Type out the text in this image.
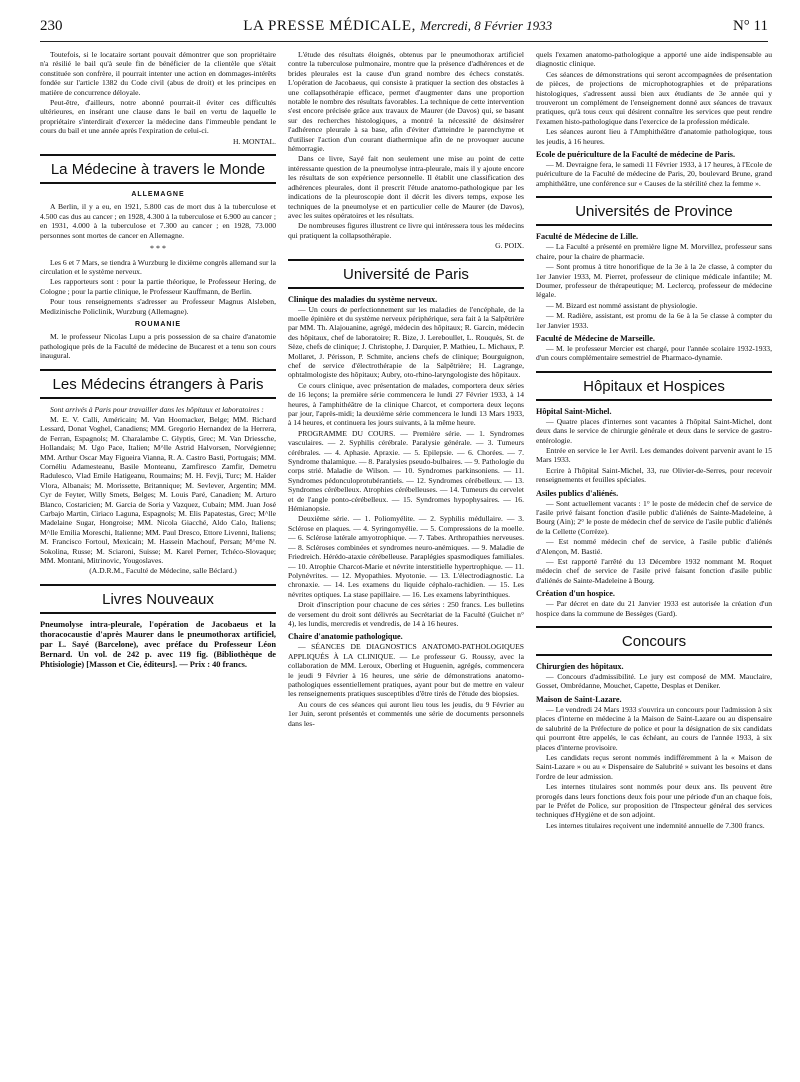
230	LA PRESSE MÉDICALE, Mercredi, 8 Février 1933	N° 11

Toutefois, si le locataire sortant pouvait démontrer que son propriétaire n'a résilié le bail qu'à seule fin de bénéficier de la clientèle que s'était constituée son confrère, il pourrait intenter une action en dommages-intérêts fondée sur l'article 1382 du Code civil (abus de droit) et les principes en matière de concurrence déloyale.

Peut-être, d'ailleurs, notre abonné pourrait-il éviter ces difficultés ultérieures, en insérant une clause dans le bail en vertu de laquelle le propriétaire s'interdirait d'exercer la médecine dans l'immeuble pendant le cours du bail et une année après l'expiration de celui-ci.

H. MONTAL.

La Médecine à travers le Monde
ALLEMAGNE

A Berlin, il y a eu, en 1921, 5.800 cas de mort dus à la tuberculose et 4.500 cas dus au cancer ; en 1928, 4.300 à la tuberculose et 6.900 au cancer ; en 1931, 4.000 à la tuberculose et 7.300 au cancer ; en 1928, 73.000 personnes sont mortes de cancer en Allemagne.

* * *

Les 6 et 7 Mars, se tiendra à Wurzburg le dixième congrès allemand sur la circulation et le système nerveux.

Les rapporteurs sont : pour la partie théorique, le Professeur Hering, de Cologne ; pour la partie clinique, le Professeur Kauffmann, de Berlin.

Pour tous renseignements s'adresser au Professeur Magnus Alsleben, Medizinische Policlinik, Wurzburg (Allemagne).

ROUMANIE

M. le professeur Nicolas Lupu a pris possession de sa chaire d'anatomie pathologique près de la Faculté de médecine de Bucarest et a tenu son cours inaugural.

Les Médecins étrangers à Paris

Sont arrivés à Paris pour travailler dans les hôpitaux et laboratoires :

M. E. V. Calli, Américain; M. Van Hoomacker, Belge; MM. Richard Lessard, Donat Voghel, Canadiens; MM. Gregorio Hernandez de la Herrera, de Ferran, Espagnols; M. Charalambe C. Glyptis, Grec; M. Van Driessche, Hollandais; M. Ugo Pace, Italien; M^lle Astrid Halvorsen, Norvégienne; MM. Arthur Oscar May Figueira Vianna, R. A. Castro Basti, Portugais; MM. Cornéliu Adamesteanu, Basile Monteanu, Zamfiresco Zamfir, Demetru Radulesco, Vlad Emile Hatigeanu, Roumains; M. H. Fevji, Turc; M. Haïder Vlora, Albanais; M. Morissette, Britannique; M. Sevlever, Argentin; MM. Cyr de Feyter, Willy Smets, Belges; M. Louis Paré, Canadien; M. Arturo Blanco, Costaricien; M. Garcia de Soria y Vazquez, Cubain; MM. Juan José Carbajo Martin, Ciriaco Laguna, Espagnols; M. Elis Papatestas, Grec; M^lle Madelaine Sugar, Hongroise; MM. Nicola Giacché, Aldo Calo, Italiens; M^lle Emilia Moreschi, Italienne; MM. Paul Dresco, Ettore Livenni, Italiens; M. Francisco Fortoul, Mexicain; M. Hassein Machouf, Persan; M^me N. Sokolina, Russe; M. Sciaroni, Suisse; M. Karel Perner, Tchéco-Slovaque; MM. Montani, Mitrinovic, Yougoslaves.

(A.D.R.M., Faculté de Médecine, salle Béclard.)

Livres Nouveaux

Pneumolyse intra-pleurale, l'opération de Jacobaeus et la thoracocaustie d'après Maurer dans le pneumothorax artificiel, par L. Sayé (Barcelone), avec préface du Professeur Léon Bernard. Un vol. de 242 p. avec 119 fig. (Bibliothèque de Phtisiologie) [Masson et Cie, éditeurs]. — Prix : 40 francs.

L'étude des résultats éloignés, obtenus par le pneumothorax artificiel contre la tuberculose pulmonaire, montre que la présence d'adhérences et de brides pleurales est la cause d'un grand nombre des échecs constatés. L'opération de Jacobaeus, qui consiste à pratiquer la section des obstacles à une collapsothérapie efficace, permet d'augmenter dans une proportion notable le nombre des résultats favorables. La technique de cette intervention s'est encore précisée grâce aux travaux de Maurer (de Davos) qui, se basant sur des recherches histologiques, a montré la nécessité de désinsérer l'adhérence pleurale à sa base, afin d'éviter d'atteindre le parenchyme et d'utiliser l'action d'un courant diathermique afin de ne provoquer aucune hémorragie.

Dans ce livre, Sayé fait non seulement une mise au point de cette intéressante question de la pneumolyse intra-pleurale, mais il y ajoute encore les résultats de son expérience personnelle. Il établit une classification des adhérences pleurales, dont il prescrit l'étude anatomo-pathologique par les indications de la pleuroscopie dont il décrit les divers temps, expose les techniques de la pneumolyse et en particulier celle de Maurer (de Davos), avec les suites opératoires et les résultats.

De nombreuses figures illustrent ce livre qui intéressera tous les médecins qui pratiquent la collapsothérapie.

G. POIX.

Université de Paris
Clinique des maladies du système nerveux.

— Un cours de perfectionnement sur les maladies de l'encéphale, de la moelle épinière et du système nerveux périphérique, sera fait à la Salpêtrière par MM. Th. Alajouanine, agrégé, médecin des hôpitaux; R. Garcin, médecin des hôpitaux, chef de laboratoire; R. Bize, J. Lereboullet, L. Rouquès, St. de Sèze, chefs de clinique; J. Christophe, J. Darquier, P. Mathieu, L. Michaux, P. Mollaret, J. Périsson, P. Schmite, anciens chefs de clinique; Bourguignon, chef de service d'électrothérapie de la Salpêtrière; H. Lagrange, ophtalmologiste des hôpitaux; Aubry, oto-rhino-laryngologiste des hôpitaux.

Ce cours clinique, avec présentation de malades, comportera deux séries de 16 leçons; la première série commencera le lundi 27 Février 1933, à 14 heures, à l'amphithéâtre de la clinique Charcot, et comportera deux leçons par jour, l'après-midi; la deuxième série commencera le lundi 13 Mars 1933, à 14 heures, et continuera les jours suivants, à la même heure.

PROGRAMME DU COURS. — Première série. — 1. Syndromes vasculaires. — 2. Syphilis cérébrale. Paralysie générale. — 3. Tumeurs cérébrales. — 4. Aphasie. Apraxie. — 5. Epilepsie. — 6. Chorées. — 7. Syndrome thalamique. — 8. Paralysies pseudo-bulbaires. — 9. Pathologie du corps strié. Maladie de Wilson. — 10. Syndromes parkinsoniens. — 11. Syndromes pédonculoprotubérantiels. — 12. Syndromes cérébelleux. — 13. Syndromes cérébelleux. Atrophies cérébelleuses. — 14. Tumeurs du cervelet et de l'angle ponto-cérébelleux. — 15. Syndromes hypophysaires. — 16. Hémianopsie.

Deuxième série. — 1. Poliomyélite. — 2. Syphilis médullaire. — 3. Sclérose en plaques. — 4. Syringomyélie. — 5. Compressions de la moelle. — 6. Sclérose latérale amyotrophique. — 7. Tabes. Arthropathies nerveuses. — 8. Scléroses combinées et syndromes neuro-anémiques. — 9. Maladie de Friedreich. Hérédo-ataxie cérébelleuse. Paraplégies spasmodiques familiales. — 10. Atrophie Charcot-Marie et névrite interstitielle hypertrophique. — 11. Polynévrites. — 12. Myopathies. Myotonie. — 13. L'électrodiagnostic. La chronaxie. — 14. Les examens du liquide céphalo-rachidien. — 15. Les névrites optiques. La stase papillaire. — 16. Les examens labyrinthiques.

Droit d'inscription pour chacune de ces séries : 250 francs. Les bulletins de versement du droit sont délivrés au Secrétariat de la Faculté (Guichet n° 4), les lundis, mercredis et vendredis, de 14 à 16 heures.

Chaire d'anatomie pathologique.

— SÉANCES DE DIAGNOSTICS ANATOMO-PATHOLOGIQUES APPLIQUÉS À LA CLINIQUE. — Le professeur G. Roussy, avec la collaboration de MM. Leroux, Oberling et Huguenin, agrégés, commencera le jeudi 9 Février à 16 heures, une série de démonstrations anatomo-pathologiques essentiellement pratiques, ayant pour but de mettre en valeur les renseignements pratiques susceptibles d'être tirés de l'étude des biopsies.

Au cours de ces séances qui auront lieu tous les jeudis, du 9 Février au 1er Juin, seront présentés et commentés une série de documents personnels dans les-

quels l'examen anatomo-pathologique a apporté une aide indispensable au diagnostic clinique.

Ces séances de démonstrations qui seront accompagnées de présentation de pièces, de projections de microphotographies et de préparations histologiques, s'adressent aussi bien aux étudiants de 3e année qui y trouveront un complément de l'enseignement donné aux séances de travaux pratiques, qu'à tous ceux qui désirent connaître les services que peut rendre l'examen histo-pathologique dans l'exercice de la profession médicale.

Les séances auront lieu à l'Amphithéâtre d'anatomie pathologique, tous les jeudis, à 16 heures.

Ecole de puériculture de la Faculté de médecine de Paris.

— M. Devraigne fera, le samedi 11 Février 1933, à 17 heures, à l'Ecole de puériculture de la Faculté de médecine de Paris, 20, boulevard Brune, grand amphithéâtre, une conférence sur « Causes de la stérilité chez la femme ».

Universités de Province
Faculté de Médecine de Lille.

— La Faculté a présenté en première ligne M. Morvillez, professeur sans chaire, pour la chaire de pharmacie.

— Sont promus à titre honorifique de la 3e à la 2e classe, à compter du 1er Janvier 1933, M. Pierret, professeur de clinique médicale infantile; M. Doumer, professeur de thérapeutique; M. Leclercq, professeur de médecine légale.

— M. Bizard est nommé assistant de physiologie.

— M. Radière, assistant, est promu de la 6e à la 5e classe à compter du 1er Janvier 1933.

Faculté de Médecine de Marseille.

— M. le professeur Mercier est chargé, pour l'année scolaire 1932-1933, d'un cours complémentaire semestriel de Pharmaco-dynamie.

Hôpitaux et Hospices
Hôpital Saint-Michel.

— Quatre places d'internes sont vacantes à l'hôpital Saint-Michel, dont deux dans le service de chirurgie générale et deux dans le service de gastro-entérologie.

Entrée en service le 1er Avril. Les demandes doivent parvenir avant le 15 Mars 1933.

Ecrire à l'hôpital Saint-Michel, 33, rue Olivier-de-Serres, pour recevoir renseignements et feuilles spéciales.

Asiles publics d'aliénés.

— Sont actuellement vacants : 1° le poste de médecin chef de service de l'asile privé faisant fonction d'asile public d'aliénés de Sainte-Madeleine, à Bourg (Ain); 2° le poste de médecin chef de service de l'asile public d'aliénés de la Cellette (Corrèze).

— Est nommé médecin chef de service, à l'asile public d'aliénés d'Alençon, M. Bastié.

— Est rapporté l'arrêté du 13 Décembre 1932 nommant M. Roquet médecin chef de service de l'asile privé faisant fonction d'asile public d'aliénés de Sainte-Madeleine à Bourg.

Création d'un hospice.

— Par décret en date du 21 Janvier 1933 est autorisée la création d'un hospice dans la commune de Bessèges (Gard).

Concours
Chirurgien des hôpitaux.

— Concours d'admissibilité. Le jury est composé de MM. Mauclaire, Gosset, Ombrédanne, Mouchet, Capette, Desplas et Deniker.

Maison de Saint-Lazare.

— Le vendredi 24 Mars 1933 s'ouvrira un concours pour l'admission à six places d'interne en médecine à la Maison de Saint-Lazare ou au dispensaire de salubrité de la Préfecture de police et pour la désignation de six candidats qui pourront être appelés, le cas échéant, au cours de l'année 1933, à six places d'interne provisoire.

Les candidats reçus seront nommés indifféremment à la « Maison de Saint-Lazare » ou au « Dispensaire de Salubrité » suivant les besoins et dans l'ordre de leur admission.

Les internes titulaires sont nommés pour deux ans. Ils peuvent être prorogés dans leurs fonctions deux fois pour une période d'un an chaque fois, par le Préfet de Police, sur proposition de l'Inspecteur général des services techniques d'Hygiène et de son adjoint.

Les internes titulaires reçoivent une indemnité annuelle de 7.300 francs.
